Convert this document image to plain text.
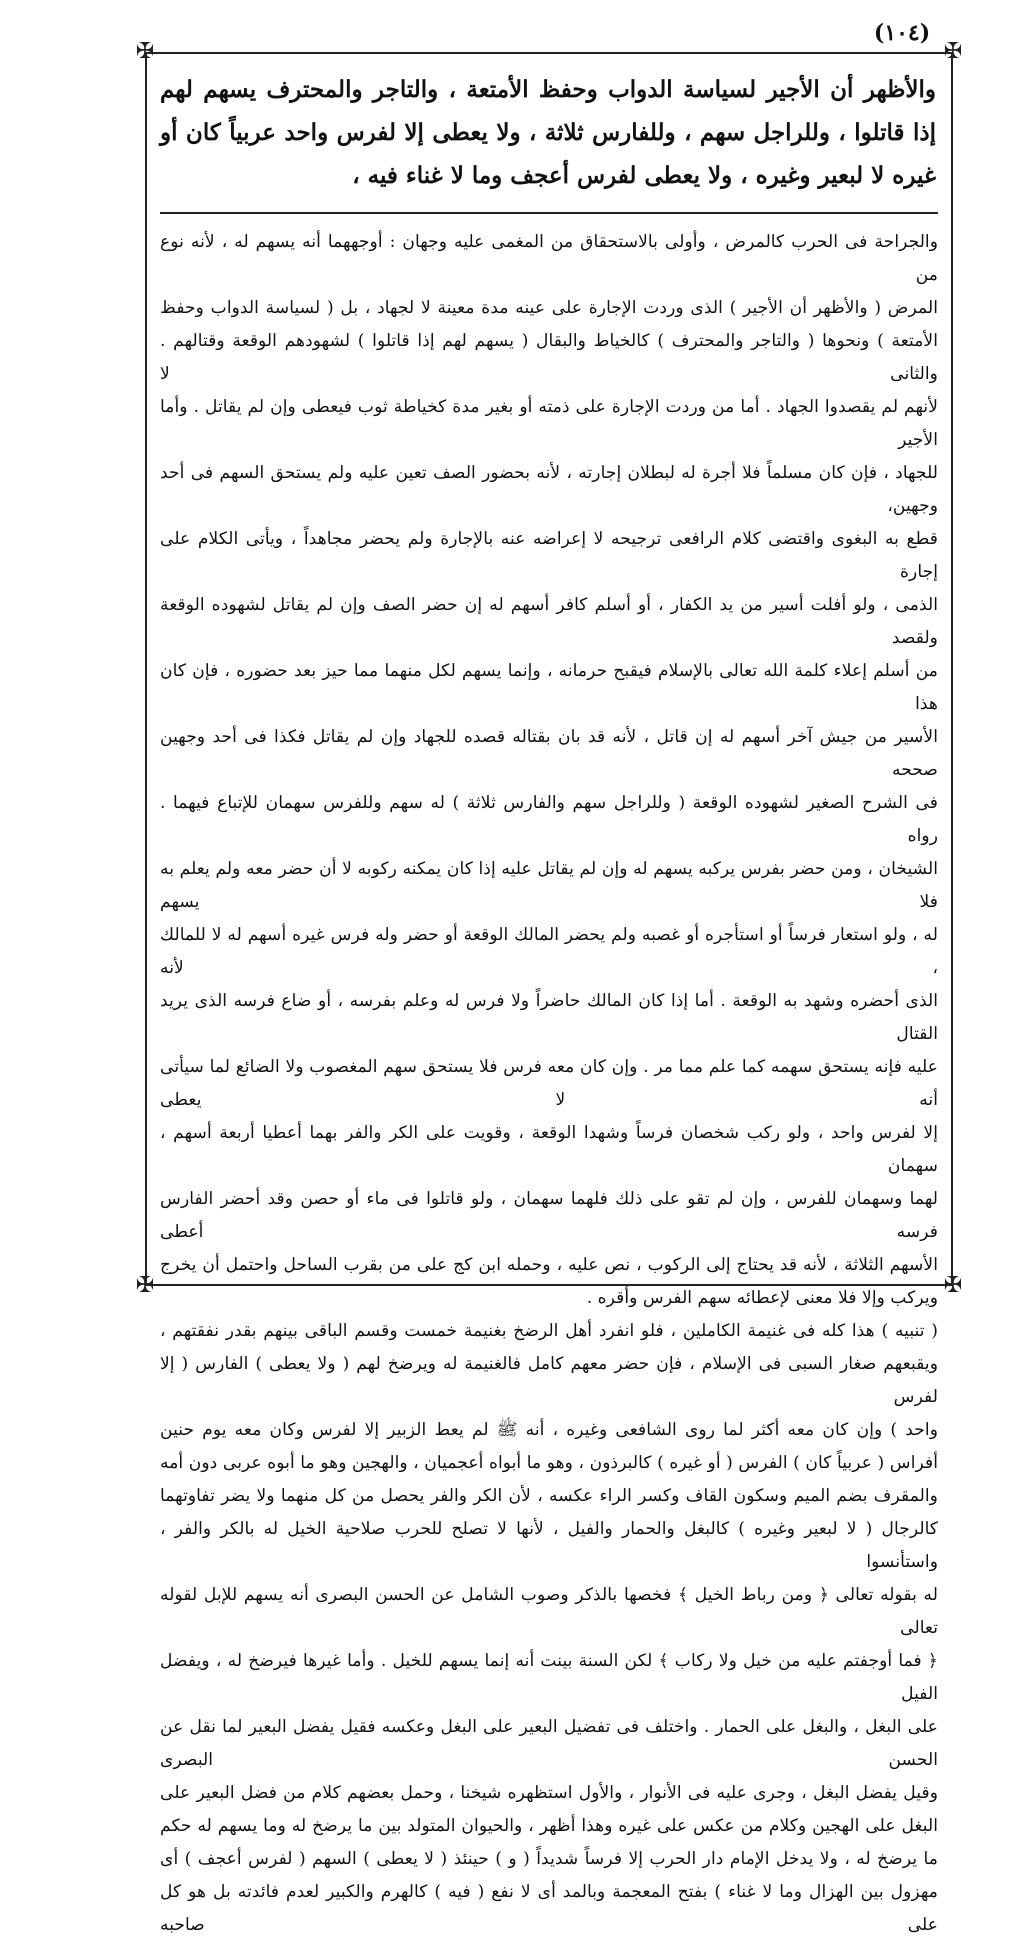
(١٠٤)
✠	✠
✠	✠
والأظهر أن الأجير لسياسة الدواب وحفظ الأمتعة ، والتاجر والمحترف يسهم لهم إذا قاتلوا ، وللراجل سهم ، وللفارس ثلاثة ، ولا يعطى إلا لفرس واحد عربياً كان أو غيره لا لبعير وغيره ، ولا يعطى لفرس أعجف وما لا غناء فيه ،

والجراحة فى الحرب كالمرض ، وأولى بالاستحقاق من المغمى عليه وجهان : أوجههما أنه يسهم له ، لأنه نوع من

المرض ( والأظهر أن الأجير ) الذى وردت الإجارة على عينه مدة معينة لا لجهاد ، بل ( لسياسة الدواب وحفظ

الأمتعة ) ونحوها ( والتاجر والمحترف ) كالخياط والبقال ( يسهم لهم إذا قاتلوا ) لشهودهم الوقعة وقتالهم . والثانى لا

لأنهم لم يقصدوا الجهاد . أما من وردت الإجارة على ذمته أو بغير مدة كخياطة ثوب فيعطى وإن لم يقاتل . وأما الأجير

للجهاد ، فإن كان مسلماً فلا أجرة له لبطلان إجارته ، لأنه بحضور الصف تعين عليه ولم يستحق السهم فى أحد وجهين،

قطع به البغوى واقتضى كلام الرافعى ترجيحه لا إعراضه عنه بالإجارة ولم يحضر مجاهداً ، ويأتى الكلام على إجارة

الذمى ، ولو أفلت أسير من يد الكفار ، أو أسلم كافر أسهم له إن حضر الصف وإن لم يقاتل لشهوده الوقعة ولقصد

من أسلم إعلاء كلمة الله تعالى بالإسلام فيقبح حرمانه ، وإنما يسهم لكل منهما مما حيز بعد حضوره ، فإن كان هذا

الأسير من جيش آخر أسهم له إن قاتل ، لأنه قد بان بقتاله قصده للجهاد وإن لم يقاتل فكذا فى أحد وجهين صححه

فى الشرح الصغير لشهوده الوقعة ( وللراجل سهم والفارس ثلاثة ) له سهم وللفرس سهمان للإتباع فيهما . رواه

الشيخان ، ومن حضر بفرس يركبه يسهم له وإن لم يقاتل عليه إذا كان يمكنه ركوبه لا أن حضر معه ولم يعلم به فلا يسهم

له ، ولو استعار فرساً أو استأجره أو غصبه ولم يحضر المالك الوقعة أو حضر وله فرس غيره أسهم له لا للمالك ، لأنه

الذى أحضره وشهد به الوقعة . أما إذا كان المالك حاضراً ولا فرس له وعلم بفرسه ، أو ضاع فرسه الذى يريد القتال

عليه فإنه يستحق سهمه كما علم مما مر . وإن كان معه فرس فلا يستحق سهم المغصوب ولا الضائع لما سيأتى أنه لا يعطى

إلا لفرس واحد ، ولو ركب شخصان فرساً وشهدا الوقعة ، وقويت على الكر والفر بهما أعطيا أربعة أسهم ، سهمان

لهما وسهمان للفرس ، وإن لم تقو على ذلك فلهما سهمان ، ولو قاتلوا فى ماء أو حصن وقد أحضر الفارس فرسه أعطى

الأسهم الثلاثة ، لأنه قد يحتاج إلى الركوب ، نص عليه ، وحمله ابن كج على من بقرب الساحل واحتمل أن يخرج

ويركب وإلا فلا معنى لإعطائه سهم الفرس وأقره .

( تنبيه ) هذا كله فى غنيمة الكاملين ، فلو انفرد أهل الرضخ بغنيمة خمست وقسم الباقى بينهم بقدر نفقتهم ،

ويقبعهم صغار السبى فى الإسلام ، فإن حضر معهم كامل فالغنيمة له ويرضخ لهم ( ولا يعطى ) الفارس ( إلا لفرس

واحد ) وإن كان معه أكثر لما روى الشافعى وغيره ، أنه ﷺ لم يعط الزبير إلا لفرس وكان معه يوم حنين

أفراس ( عربياً كان ) الفرس ( أو غيره ) كالبرذون ، وهو ما أبواه أعجميان ، والهجين وهو ما أبوه عربى دون أمه

والمقرف بضم الميم وسكون القاف وكسر الراء عكسه ، لأن الكر والفر يحصل من كل منهما ولا يضر تفاوتهما

كالرجال ( لا لبعير وغيره ) كالبغل والحمار والفيل ، لأنها لا تصلح للحرب صلاحية الخيل له بالكر والفر ، واستأنسوا

له بقوله تعالى ﴿ ومن رباط الخيل ﴾ فخصها بالذكر وصوب الشامل عن الحسن البصرى أنه يسهم للإبل لقوله تعالى

﴿ فما أوجفتم عليه من خيل ولا ركاب ﴾ لكن السنة بينت أنه إنما يسهم للخيل . وأما غيرها فيرضخ له ، ويفضل الفيل

على البغل ، والبغل على الحمار . واختلف فى تفضيل البعير على البغل وعكسه فقيل يفضل البعير لما نقل عن الحسن البصرى

وقيل يفضل البغل ، وجرى عليه فى الأنوار ، والأول استظهره شيخنا ، وحمل بعضهم كلام من فضل البعير على

البغل على الهجين وكلام من عكس على غيره وهذا أظهر ، والحيوان المتولد بين ما يرضخ له وما يسهم له حكم

ما يرضخ له ، ولا يدخل الإمام دار الحرب إلا فرساً شديداً ( و ) حينئذ ( لا يعطى ) السهم ( لفرس أعجف ) أى

مهزول بين الهزال وما لا غناء ) بفتح المعجمة وبالمد أى لا نفع ( فيه ) كالهرم والكبير لعدم فائدته بل هو كل على صاحبه
